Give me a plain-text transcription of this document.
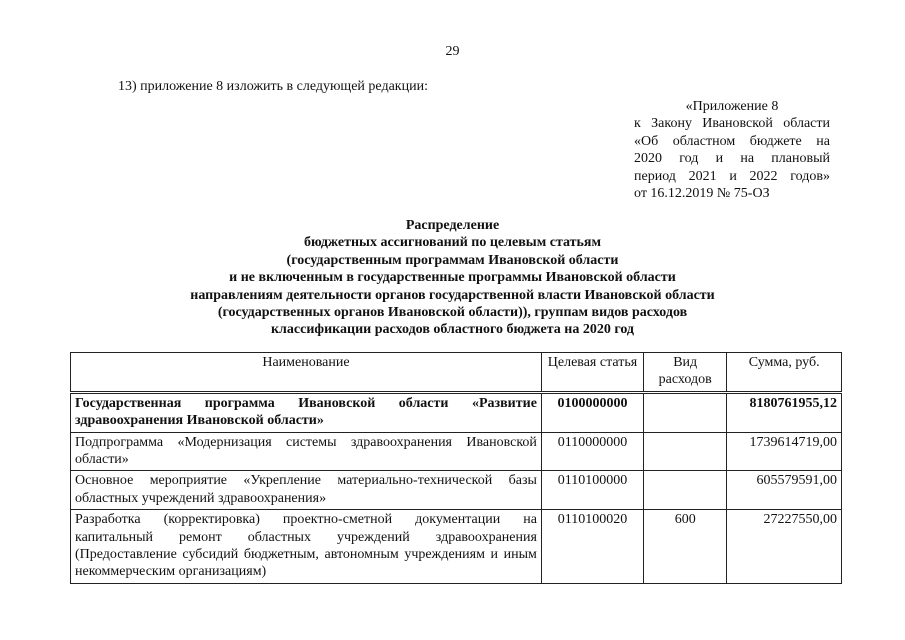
29
13) приложение 8 изложить в следующей редакции:
«Приложение 8
к Закону Ивановской области
«Об областном бюджете на
2020 год и на плановый
период 2021 и 2022 годов»
от 16.12.2019 № 75-ОЗ
Распределение
бюджетных ассигнований по целевым статьям
(государственным программам Ивановской области
и не включенным в государственные программы Ивановской области
направлениям деятельности органов государственной власти Ивановской области
(государственных органов Ивановской области)), группам видов расходов
классификации расходов областного бюджета на 2020 год
Наименование	Целевая статья	Вид расходов	Сумма, руб.
Государственная программа Ивановской области «Развитие здравоохранения Ивановской области»	0100000000		8180761955,12
Подпрограмма «Модернизация системы здравоохранения Ивановской области»	0110000000		1739614719,00
Основное мероприятие «Укрепление материально-технической базы областных учреждений здравоохранения»	0110100000		605579591,00
Разработка (корректировка) проектно-сметной документации на капитальный ремонт областных учреждений здравоохранения (Предоставление субсидий бюджетным, автономным учреждениям и иным некоммерческим организациям)	0110100020	600	27227550,00
